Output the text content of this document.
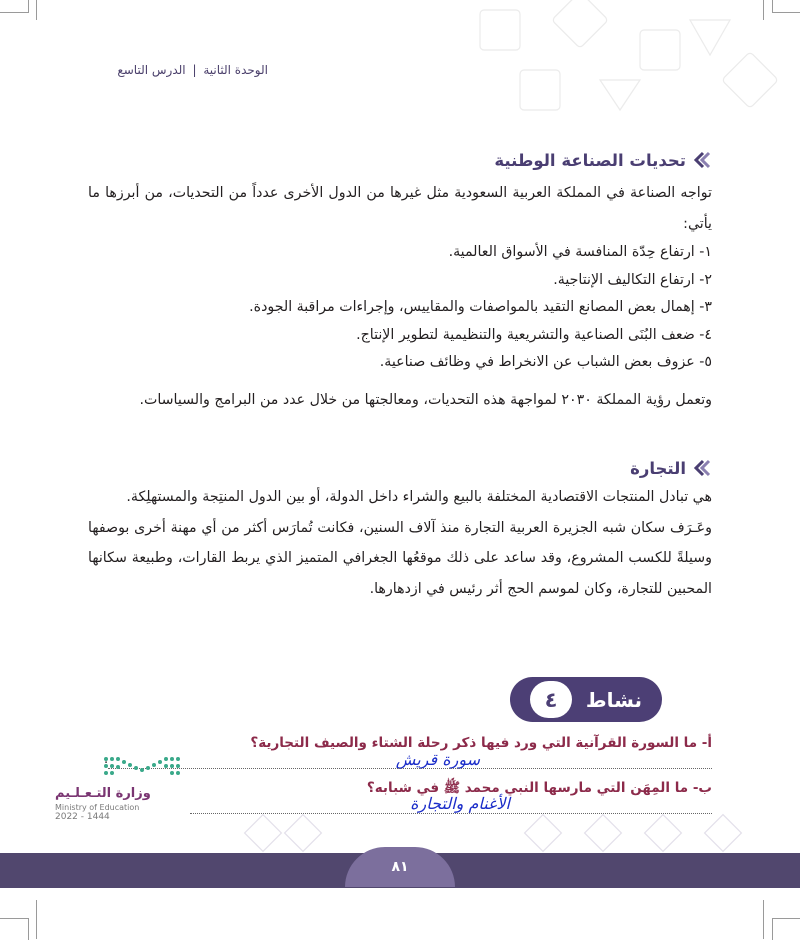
الوحدة الثانية | الدرس التاسع
تحديات الصناعة الوطنية

تواجه الصناعة في المملكة العربية السعودية مثل غيرها من الدول الأخرى عدداً من التحديات، من أبرزها ما يأتي:

١- ارتفاع حِدّة المنافسة في الأسواق العالمية.
٢- ارتفاع التكاليف الإنتاجية.
٣- إهمال بعض المصانع التقيد بالمواصفات والمقاييس، وإجراءات مراقبة الجودة.
٤- ضعف البُنَى الصناعية والتشريعية والتنظيمية لتطوير الإنتاج.
٥- عزوف بعض الشباب عن الانخراط في وظائف صناعية.

وتعمل رؤية المملكة ٢٠٣٠ لمواجهة هذه التحديات، ومعالجتها من خلال عدد من البرامج والسياسات.

التجارة

هي تبادل المنتجات الاقتصادية المختلفة بالبيع والشراء داخل الدولة، أو بين الدول المنتِجة والمستهلِكة.

وعَـرَف سكان شبه الجزيرة العربية التجارة منذ آلاف السنين، فكانت تُمارَس أكثر من أي مهنة أخرى بوصفها وسيلةً للكسب المشروع، وقد ساعد على ذلك موقعُها الجغرافي المتميز الذي يربط القارات، وطبيعة سكانها المحبين للتجارة، وكان لموسم الحج أثر رئيس في ازدهارها.

نشاط
٤
أ- ما السورة القرآنية التي ورد فيها ذكر رحلة الشتاء والصيف التجارية؟
سورة قريش
ب- ما المِهَن التي مارسها النبي محمد ﷺ في شبابه؟
الأغنام والتجارة
وزارة التـعـلـيم
Ministry of Education
2022 - 1444
٨١
